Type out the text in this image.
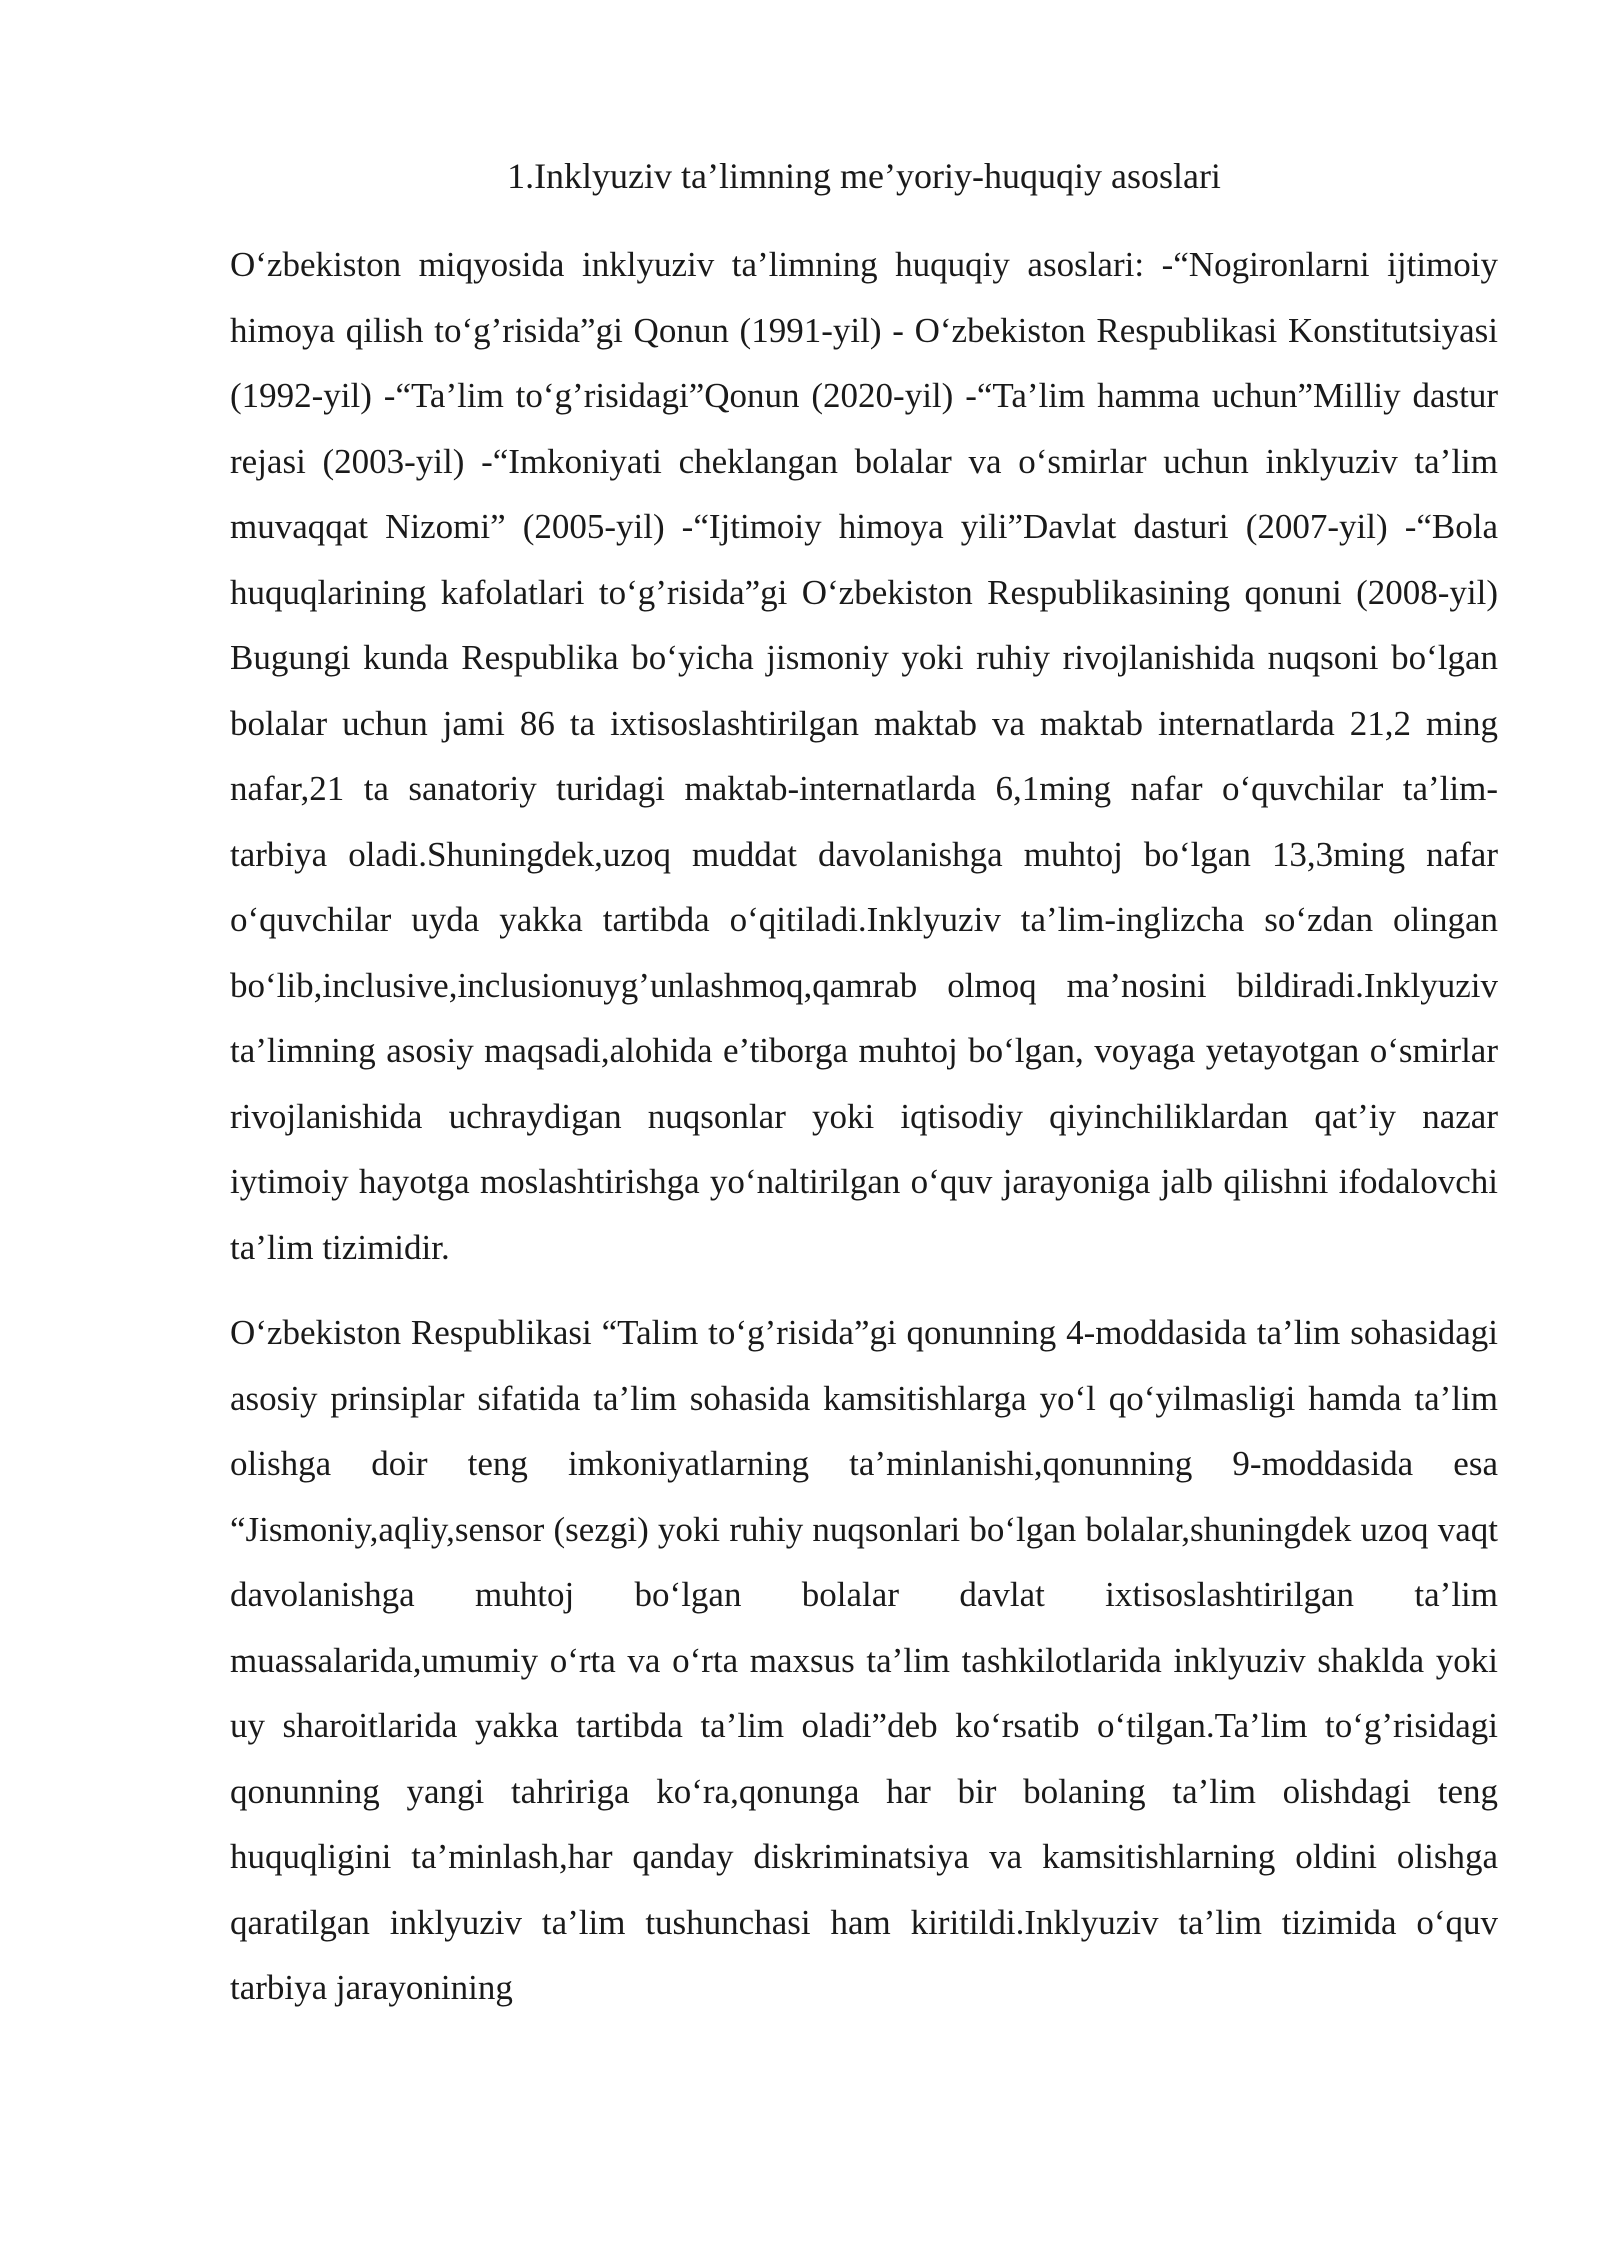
1.Inklyuziv ta’limning me’yoriy-huquqiy asoslari

O‘zbekiston miqyosida inklyuziv ta’limning huquqiy asoslari: -“Nogironlarni ijtimoiy himoya qilish to‘g’risida”gi Qonun (1991-yil) - O‘zbekiston Respublikasi Konstitutsiyasi (1992-yil) -“Ta’lim to‘g’risidagi”Qonun (2020-yil) -“Ta’lim hamma uchun”Milliy dastur rejasi (2003-yil) -“Imkoniyati cheklangan bolalar va o‘smirlar uchun inklyuziv ta’lim muvaqqat Nizomi” (2005-yil) -“Ijtimoiy himoya yili”Davlat dasturi (2007-yil) -“Bola huquqlarining kafolatlari to‘g’risida”gi O‘zbekiston Respublikasining qonuni (2008-yil) Bugungi kunda Respublika bo‘yicha jismoniy yoki ruhiy rivojlanishida nuqsoni bo‘lgan bolalar uchun jami 86 ta ixtisoslashtirilgan maktab va maktab internatlarda 21,2 ming nafar,21 ta sanatoriy turidagi maktab-internatlarda 6,1ming nafar o‘quvchilar ta’lim-tarbiya oladi.Shuningdek,uzoq muddat davolanishga muhtoj bo‘lgan 13,3ming nafar o‘quvchilar uyda yakka tartibda o‘qitiladi.Inklyuziv ta’lim-inglizcha so‘zdan olingan bo‘lib,inclusive,inclusionuyg’unlashmoq,qamrab olmoq ma’nosini bildiradi.Inklyuziv ta’limning asosiy maqsadi,alohida e’tiborga muhtoj bo‘lgan, voyaga yetayotgan o‘smirlar rivojlanishida uchraydigan nuqsonlar yoki iqtisodiy qiyinchiliklardan qat’iy nazar iytimoiy hayotga moslashtirishga yo‘naltirilgan o‘quv jarayoniga jalb qilishni ifodalovchi ta’lim tizimidir.

O‘zbekiston Respublikasi “Talim to‘g’risida”gi qonunning 4-moddasida ta’lim sohasidagi asosiy prinsiplar sifatida ta’lim sohasida kamsitishlarga yo‘l qo‘yilmasligi hamda ta’lim olishga doir teng imkoniyatlarning ta’minlanishi,qonunning 9-moddasida esa “Jismoniy,aqliy,sensor (sezgi) yoki ruhiy nuqsonlari bo‘lgan bolalar,shuningdek uzoq vaqt davolanishga muhtoj bo‘lgan bolalar davlat ixtisoslashtirilgan ta’lim muassalarida,umumiy o‘rta va o‘rta maxsus ta’lim tashkilotlarida inklyuziv shaklda yoki uy sharoitlarida yakka tartibda ta’lim oladi”deb ko‘rsatib o‘tilgan.Ta’lim to‘g’risidagi qonunning yangi tahririga ko‘ra,qonunga har bir bolaning ta’lim olishdagi teng huquqligini ta’minlash,har qanday diskriminatsiya va kamsitishlarning oldini olishga qaratilgan inklyuziv ta’lim tushunchasi ham kiritildi.Inklyuziv ta’lim tizimida o‘quv tarbiya jarayonining
